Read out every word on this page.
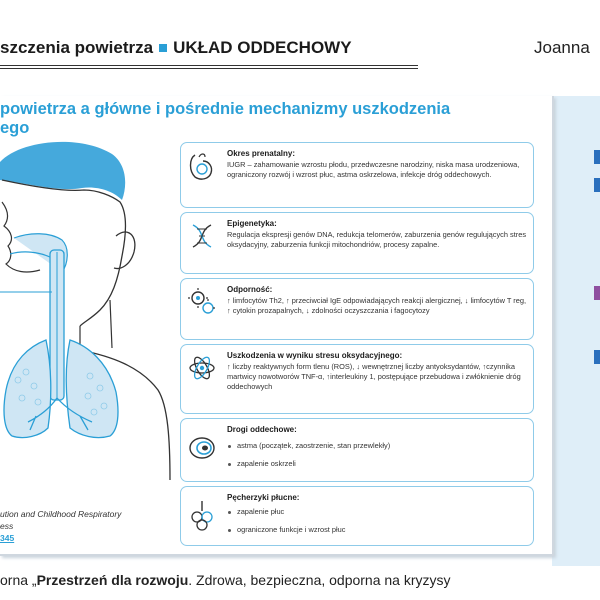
szczenia powietrza UKŁAD ODDECHOWY	Joanna
powietrza a główne i pośrednie mechanizmy uszkodzenia
ego
Okres prenatalny:
IUGR – zahamowanie wzrostu płodu, przedwczesne narodziny, niska masa urodzeniowa, ograniczony rozwój i wzrost płuc, astma oskrzelowa, infekcje dróg oddechowych.
Epigenetyka:
Regulacja ekspresji genów DNA, redukcja telomerów, zaburzenia genów regulujących stres oksydacyjny, zaburzenia funkcji mitochondriów, procesy zapalne.
Odporność:
↑ limfocytów Th2, ↑ przeciwciał IgE odpowiadających reakcji alergicznej, ↓ limfocytów T reg, ↑ cytokin prozapalnych, ↓ zdolności oczyszczania i fagocytozy
Uszkodzenia w wyniku stresu oksydacyjnego:
↑ liczby reaktywnych form tlenu (ROS), ↓ wewnętrznej liczby antyoksydantów, ↑czynnika martwicy nowotworów TNF-α, ↑interleukiny 1, postępujące przebudowa i zwłóknienie dróg oddechowych
Drogi oddechowe:
astma (początek, zaostrzenie, stan przewlekły)
zapalenie oskrzeli
Pęcherzyki płucne:
zapalenie płuc
ograniczone funkcje i wzrost płuc
ution and Childhood Respiratory
ess
345
orna „Przestrzeń dla rozwoju. Zdrowa, bezpieczna, odporna na kryzysy
